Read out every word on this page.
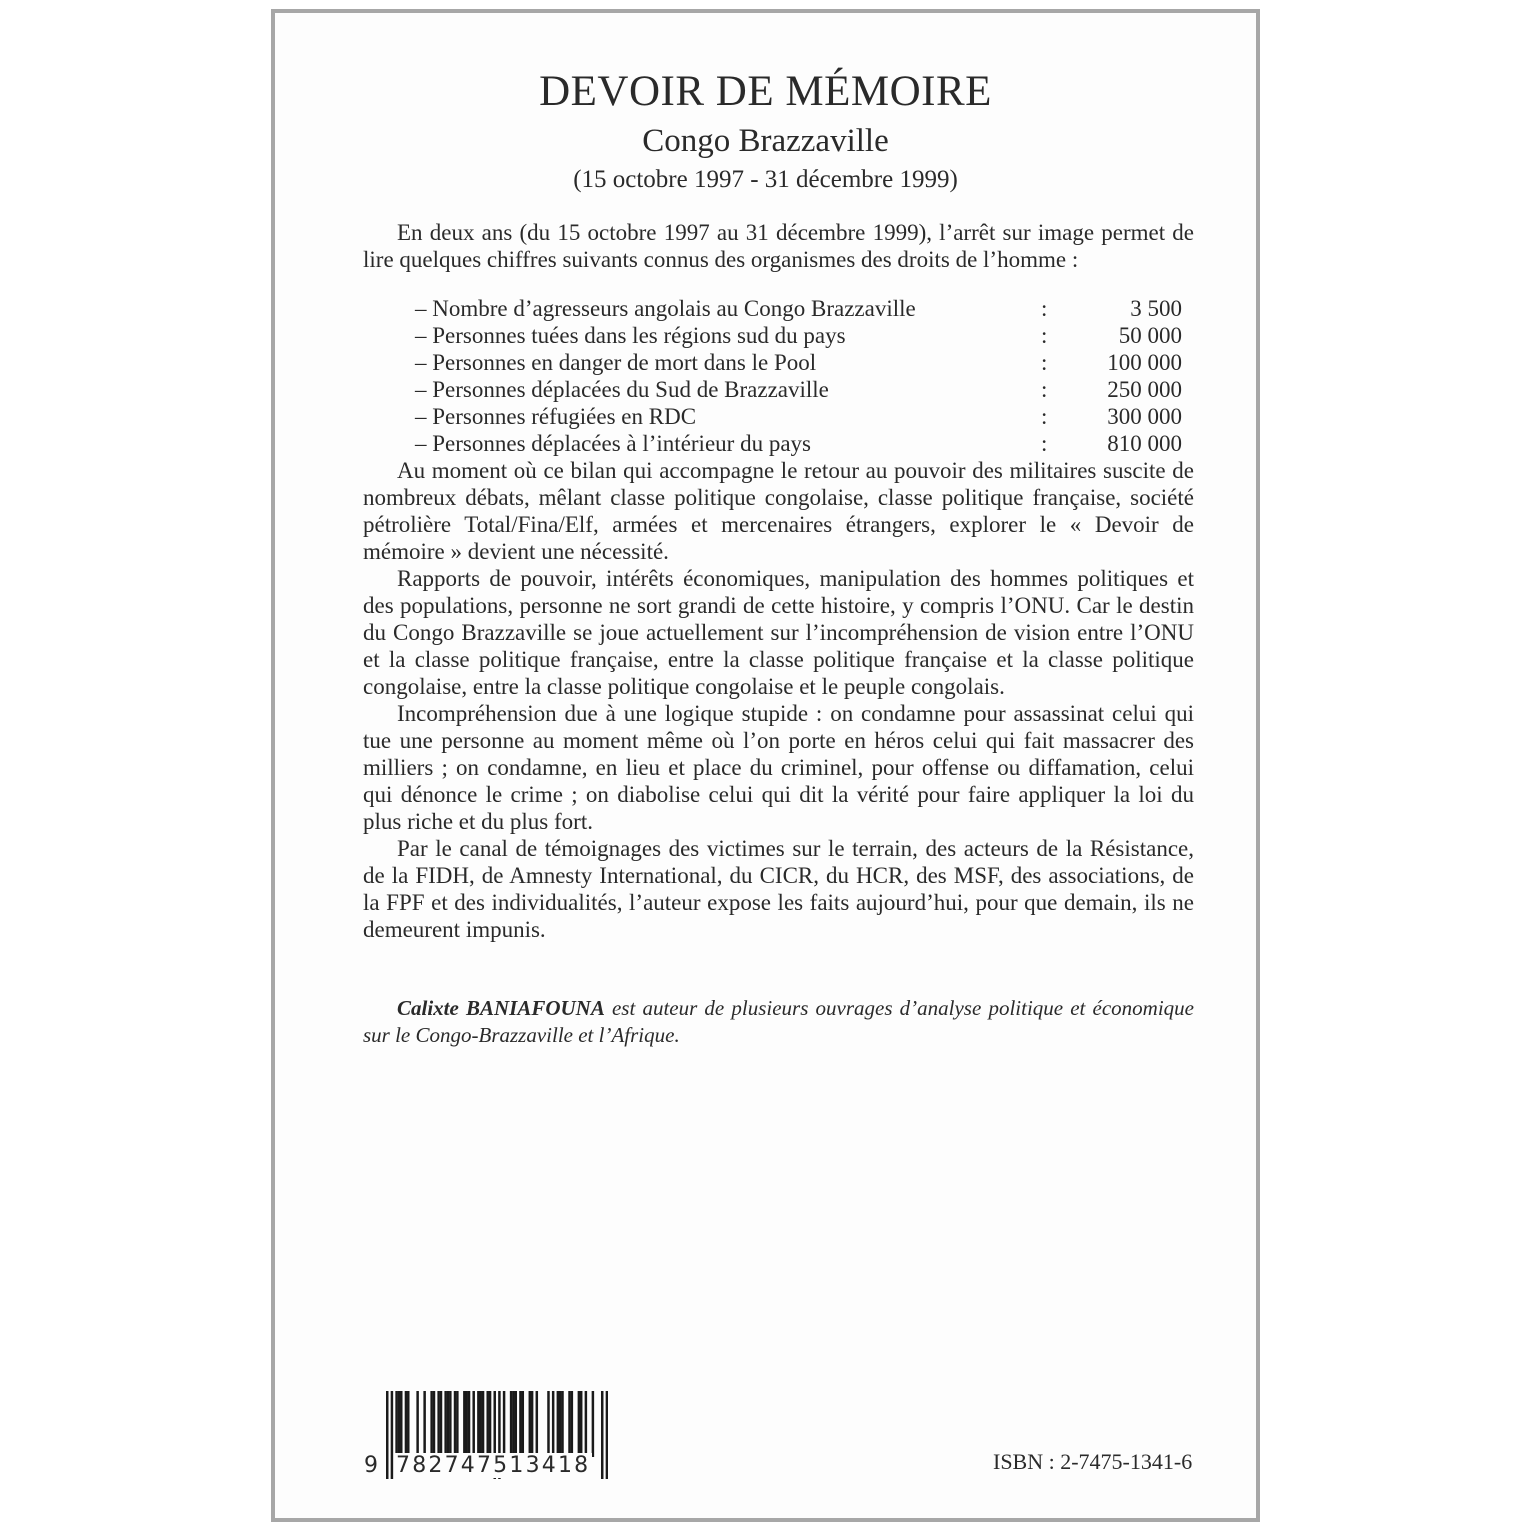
DEVOIR DE MÉMOIRE
Congo Brazzaville
(15 octobre 1997 - 31 décembre 1999)

En deux ans (du 15 octobre 1997 au 31 décembre 1999), l’arrêt sur image permet de lire quelques chiffres suivants connus des organismes des droits de l’homme :

– Nombre d’agresseurs angolais au Congo Brazzaville	:	3 500
– Personnes tuées dans les régions sud du pays	:	50 000
– Personnes en danger de mort dans le Pool	:	100 000
– Personnes déplacées du Sud de Brazzaville	:	250 000
– Personnes réfugiées en RDC	:	300 000
– Personnes déplacées à l’intérieur du pays	:	810 000

Au moment où ce bilan qui accompagne le retour au pouvoir des militaires suscite de nombreux débats, mêlant classe politique congolaise, classe politique française, société pétrolière Total/Fina/Elf, armées et mercenaires étrangers, explorer le « Devoir de mémoire » devient une nécessité.

Rapports de pouvoir, intérêts économiques, manipulation des hommes politiques et des populations, personne ne sort grandi de cette histoire, y compris l’ONU. Car le destin du Congo Brazzaville se joue actuellement sur l’incompréhension de vision entre l’ONU et la classe politique française, entre la classe politique française et la classe politique congolaise, entre la classe politique congolaise et le peuple congolais.

Incompréhension due à une logique stupide : on condamne pour assassinat celui qui tue une personne au moment même où l’on porte en héros celui qui fait massacrer des milliers ; on condamne, en lieu et place du criminel, pour offense ou diffamation, celui qui dénonce le crime ; on diabolise celui qui dit la vérité pour faire appliquer la loi du plus riche et du plus fort.

Par le canal de témoignages des victimes sur le terrain, des acteurs de la Résistance, de la FIDH, de Amnesty International, du CICR, du HCR, des MSF, des associations, de la FPF et des individualités, l’auteur expose les faits aujourd’hui, pour que demain, ils ne demeurent impunis.

Calixte BANIAFOUNA est auteur de plusieurs ouvrages d’analyse politique et économique sur le Congo-Brazzaville et l’Afrique.

9 782747513418	ISBN : 2-7475-1341-6
